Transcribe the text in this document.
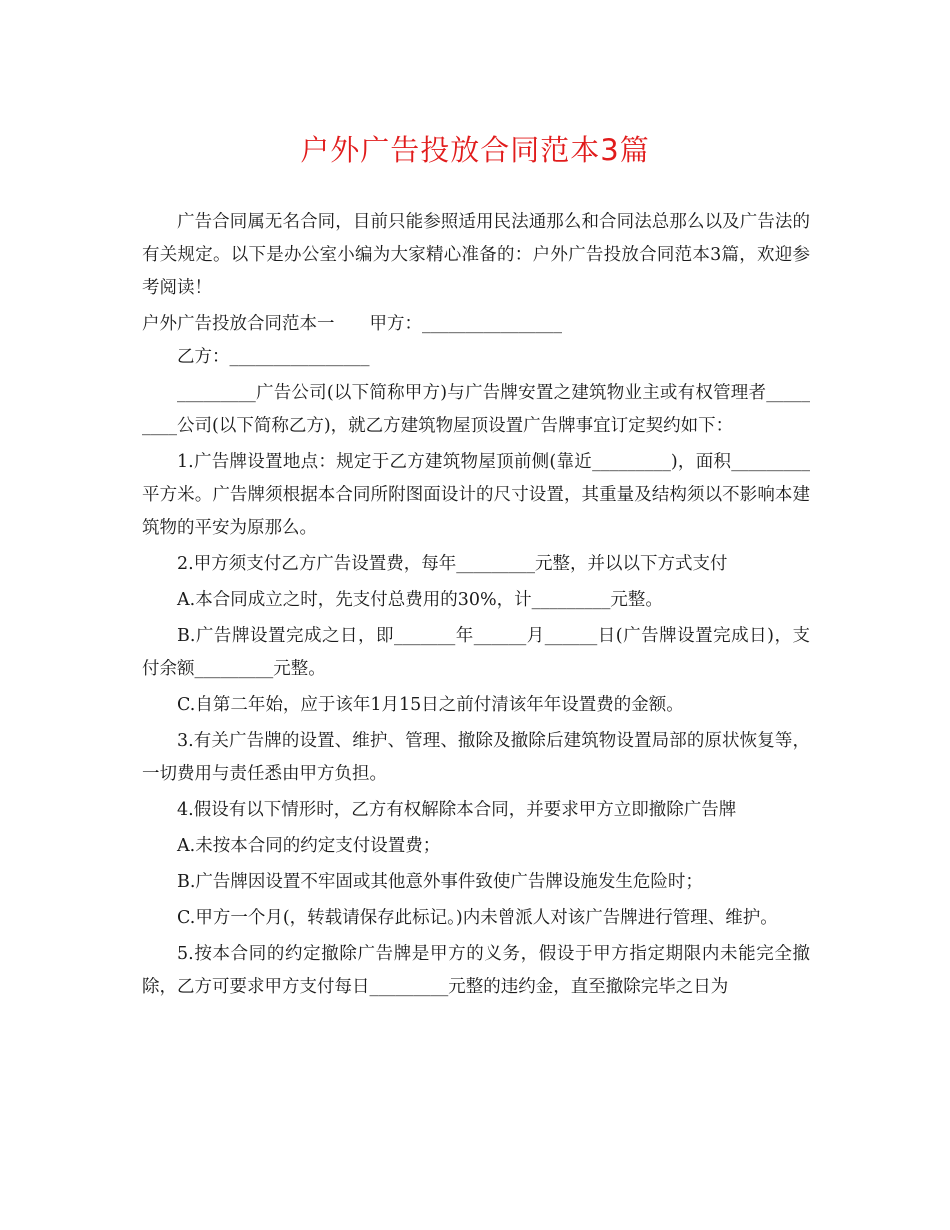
户外广告投放合同范本3篇

广告合同属无名合同，目前只能参照适用民法通那么和合同法总那么以及广告法的有关规定。以下是办公室小编为大家精心准备的：户外广告投放合同范本3篇，欢迎参考阅读！

户外广告投放合同范本一　　甲方：________________

乙方：________________

_________广告公司(以下简称甲方)与广告牌安置之建筑物业主或有权管理者_________公司(以下简称乙方)，就乙方建筑物屋顶设置广告牌事宜订定契约如下：

1.广告牌设置地点：规定于乙方建筑物屋顶前侧(靠近_________)，面积_________平方米。广告牌须根据本合同所附图面设计的尺寸设置，其重量及结构须以不影响本建筑物的平安为原那么。

2.甲方须支付乙方广告设置费，每年_________元整，并以以下方式支付

A.本合同成立之时，先支付总费用的30%，计_________元整。

B.广告牌设置完成之日，即_______年______月______日(广告牌设置完成日)，支付余额_________元整。

C.自第二年始，应于该年1月15日之前付清该年年设置费的金额。

3.有关广告牌的设置、维护、管理、撤除及撤除后建筑物设置局部的原状恢复等，一切费用与责任悉由甲方负担。

4.假设有以下情形时，乙方有权解除本合同，并要求甲方立即撤除广告牌

A.未按本合同的约定支付设置费；

B.广告牌因设置不牢固或其他意外事件致使广告牌设施发生危险时；

C.甲方一个月(，转载请保存此标记。)内未曾派人对该广告牌进行管理、维护。

5.按本合同的约定撤除广告牌是甲方的义务，假设于甲方指定期限内未能完全撤除，乙方可要求甲方支付每日_________元整的违约金，直至撤除完毕之日为
